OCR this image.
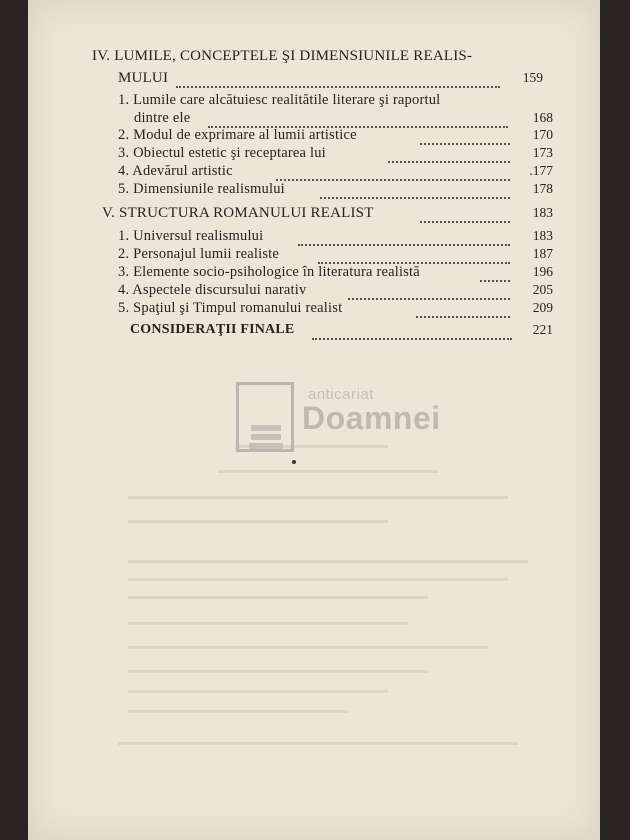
IV. LUMILE, CONCEPTELE ŞI DIMENSIUNILE REALIS-
MULUI	159
1. Lumile care alcătuiesc realitătile literare şi raportul
dintre ele	168
2. Modul de exprimare al lumii artistice	170
3. Obiectul estetic şi receptarea lui	173
4. Adevărul artistic	.177
5. Dimensiunile realismului	178
V. STRUCTURA ROMANULUI REALIST	183
1. Universul realismului	183
2. Personajul lumii realiste	187
3. Elemente socio-psihologice în literatura realistă	196
4. Aspectele discursului narativ	205
5. Spaţiul şi Timpul romanului realist	209
CONSIDERAŢII FINALE	221
anticariat
Doamnei
